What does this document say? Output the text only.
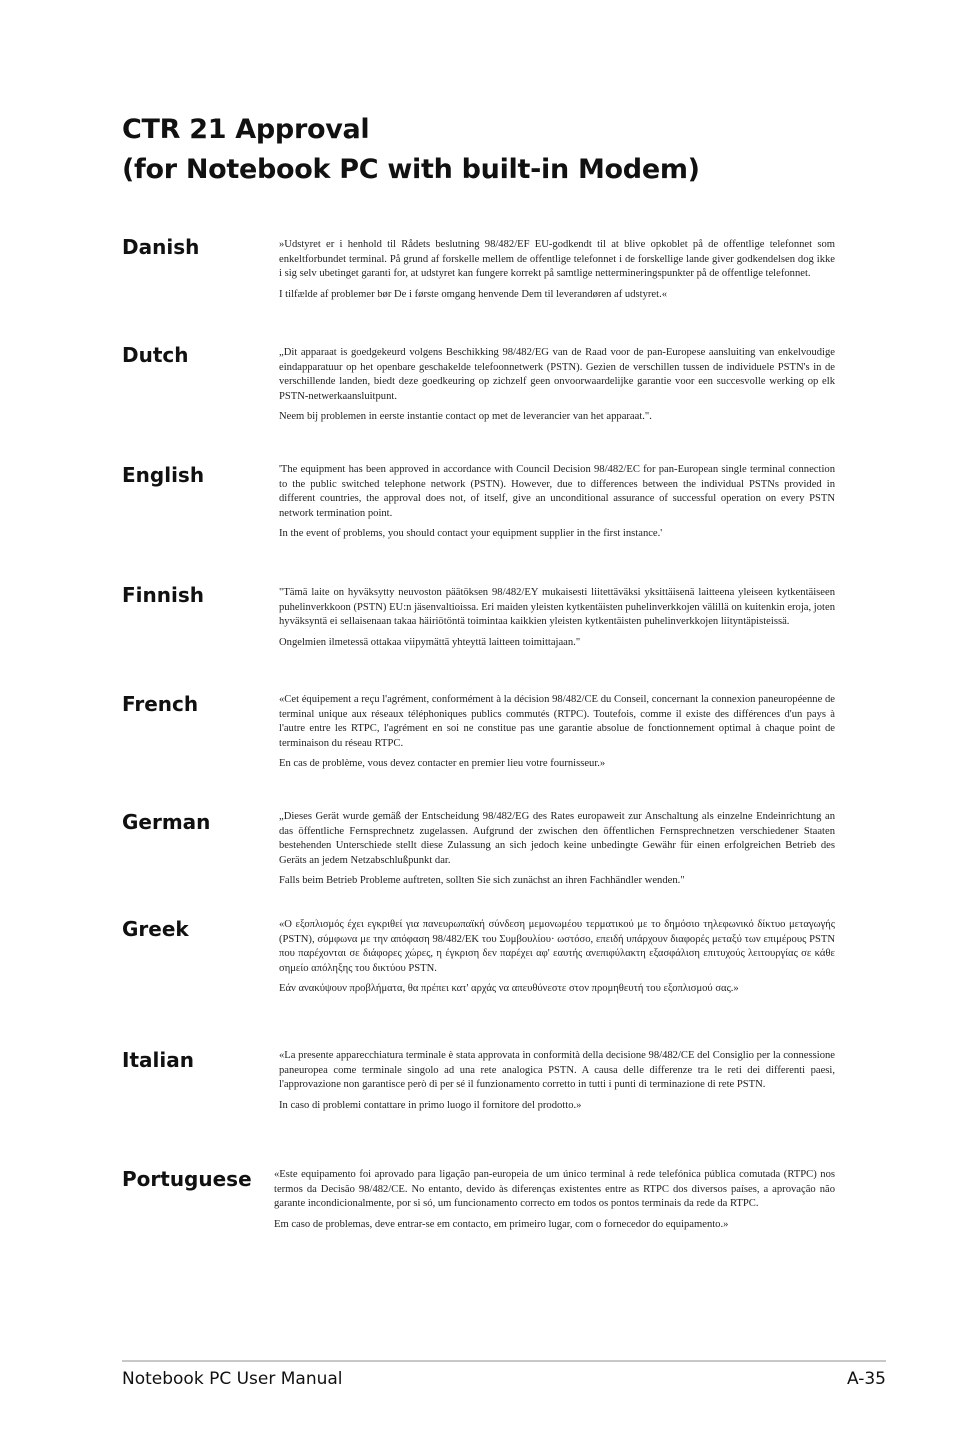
CTR 21 Approval
(for Notebook PC with built-in Modem)
Danish	»Udstyret er i henhold til Rådets beslutning 98/482/EF EU-godkendt til at blive opkoblet på de offentlige telefonnet som enkeltforbundet terminal. På grund af forskelle mellem de offentlige telefonnet i de forskellige lande giver godkendelsen dog ikke i sig selv ubetinget garanti for, at udstyret kan fungere korrekt på samtlige nettermineringspunkter på de offentlige telefonnet.

I tilfælde af problemer bør De i første omgang henvende Dem til leverandøren af udstyret.«

Dutch	„Dit apparaat is goedgekeurd volgens Beschikking 98/482/EG van de Raad voor de pan-Europese aansluiting van enkelvoudige eindapparatuur op het openbare geschakelde telefoonnetwerk (PSTN). Gezien de verschillen tussen de individuele PSTN's in de verschillende landen, biedt deze goedkeuring op zichzelf geen onvoorwaardelijke garantie voor een succesvolle werking op elk PSTN-netwerkaansluitpunt.

Neem bij problemen in eerste instantie contact op met de leverancier van het apparaat.".

English	'The equipment has been approved in accordance with Council Decision 98/482/EC for pan-European single terminal connection to the public switched telephone network (PSTN). However, due to differences between the individual PSTNs provided in different countries, the approval does not, of itself, give an unconditional assurance of successful operation on every PSTN network termination point.

In the event of problems, you should contact your equipment supplier in the first instance.'

Finnish	"Tämä laite on hyväksytty neuvoston päätöksen 98/482/EY mukaisesti liitettäväksi yksittäisenä laitteena yleiseen kytkentäiseen puhelinverkkoon (PSTN) EU:n jäsenvaltioissa. Eri maiden yleisten kytkentäisten puhelinverkkojen välillä on kuitenkin eroja, joten hyväksyntä ei sellaisenaan takaa häiriötöntä toimintaa kaikkien yleisten kytkentäisten puhelinverkkojen liityntäpisteissä.

Ongelmien ilmetessä ottakaa viipymättä yhteyttä laitteen toimittajaan."

French	«Cet équipement a reçu l'agrément, conformément à la décision 98/482/CE du Conseil, concernant la connexion paneuropéenne de terminal unique aux réseaux téléphoniques publics commutés (RTPC). Toutefois, comme il existe des différences d'un pays à l'autre entre les RTPC, l'agrément en soi ne constitue pas une garantie absolue de fonctionnement optimal à chaque point de terminaison du réseau RTPC.

En cas de problème, vous devez contacter en premier lieu votre fournisseur.»

German	„Dieses Gerät wurde gemäß der Entscheidung 98/482/EG des Rates europaweit zur Anschaltung als einzelne Endeinrichtung an das öffentliche Fernsprechnetz zugelassen. Aufgrund der zwischen den öffentlichen Fernsprechnetzen verschiedener Staaten bestehenden Unterschiede stellt diese Zulassung an sich jedoch keine unbedingte Gewähr für einen erfolgreichen Betrieb des Geräts an jedem Netzabschlußpunkt dar.

Falls beim Betrieb Probleme auftreten, sollten Sie sich zunächst an ihren Fachhändler wenden."

Greek	«Ο εξοπλισμός έχει εγκριθεί για πανευρωπαϊκή σύνδεση μεμονωμέου τερματικού με το δημόσιο τηλεφωνικό δίκτυο μεταγωγής (PSTN), σύμφωνα με την απόφαση 98/482/ΕΚ του Συμβουλίου· ωστόσο, επειδή υπάρχουν διαφορές μεταξύ των επιμέρους PSTN που παρέχονται σε διάφορες χώρες, η έγκριση δεν παρέχει αφ' εαυτής ανεπιφύλακτη εξασφάλιση επιτυχούς λειτουργίας σε κάθε σημείο απόληξης του δικτύου PSTN.

Εάν ανακύψουν προβλήματα, θα πρέπει κατ' αρχάς να απευθύνεστε στον προμηθευτή του εξοπλισμού σας.»

Italian	«La presente apparecchiatura terminale è stata approvata in conformità della decisione 98/482/CE del Consiglio per la connessione paneuropea come terminale singolo ad una rete analogica PSTN. A causa delle differenze tra le reti dei differenti paesi, l'approvazione non garantisce però di per sé il funzionamento corretto in tutti i punti di terminazione di rete PSTN.

In caso di problemi contattare in primo luogo il fornitore del prodotto.»

Portuguese «Este equipamento foi aprovado para ligação pan-europeia de um único terminal à rede telefónica pública comutada (RTPC) nos termos da Decisão 98/482/CE. No entanto, devido às diferenças existentes entre as RTPC dos diversos países, a aprovação não garante incondicionalmente, por si só, um funcionamento correcto em todos os pontos terminais da rede da RTPC.

Em caso de problemas, deve entrar-se em contacto, em primeiro lugar, com o fornecedor do equipamento.»

Notebook PC User Manual	A-35
